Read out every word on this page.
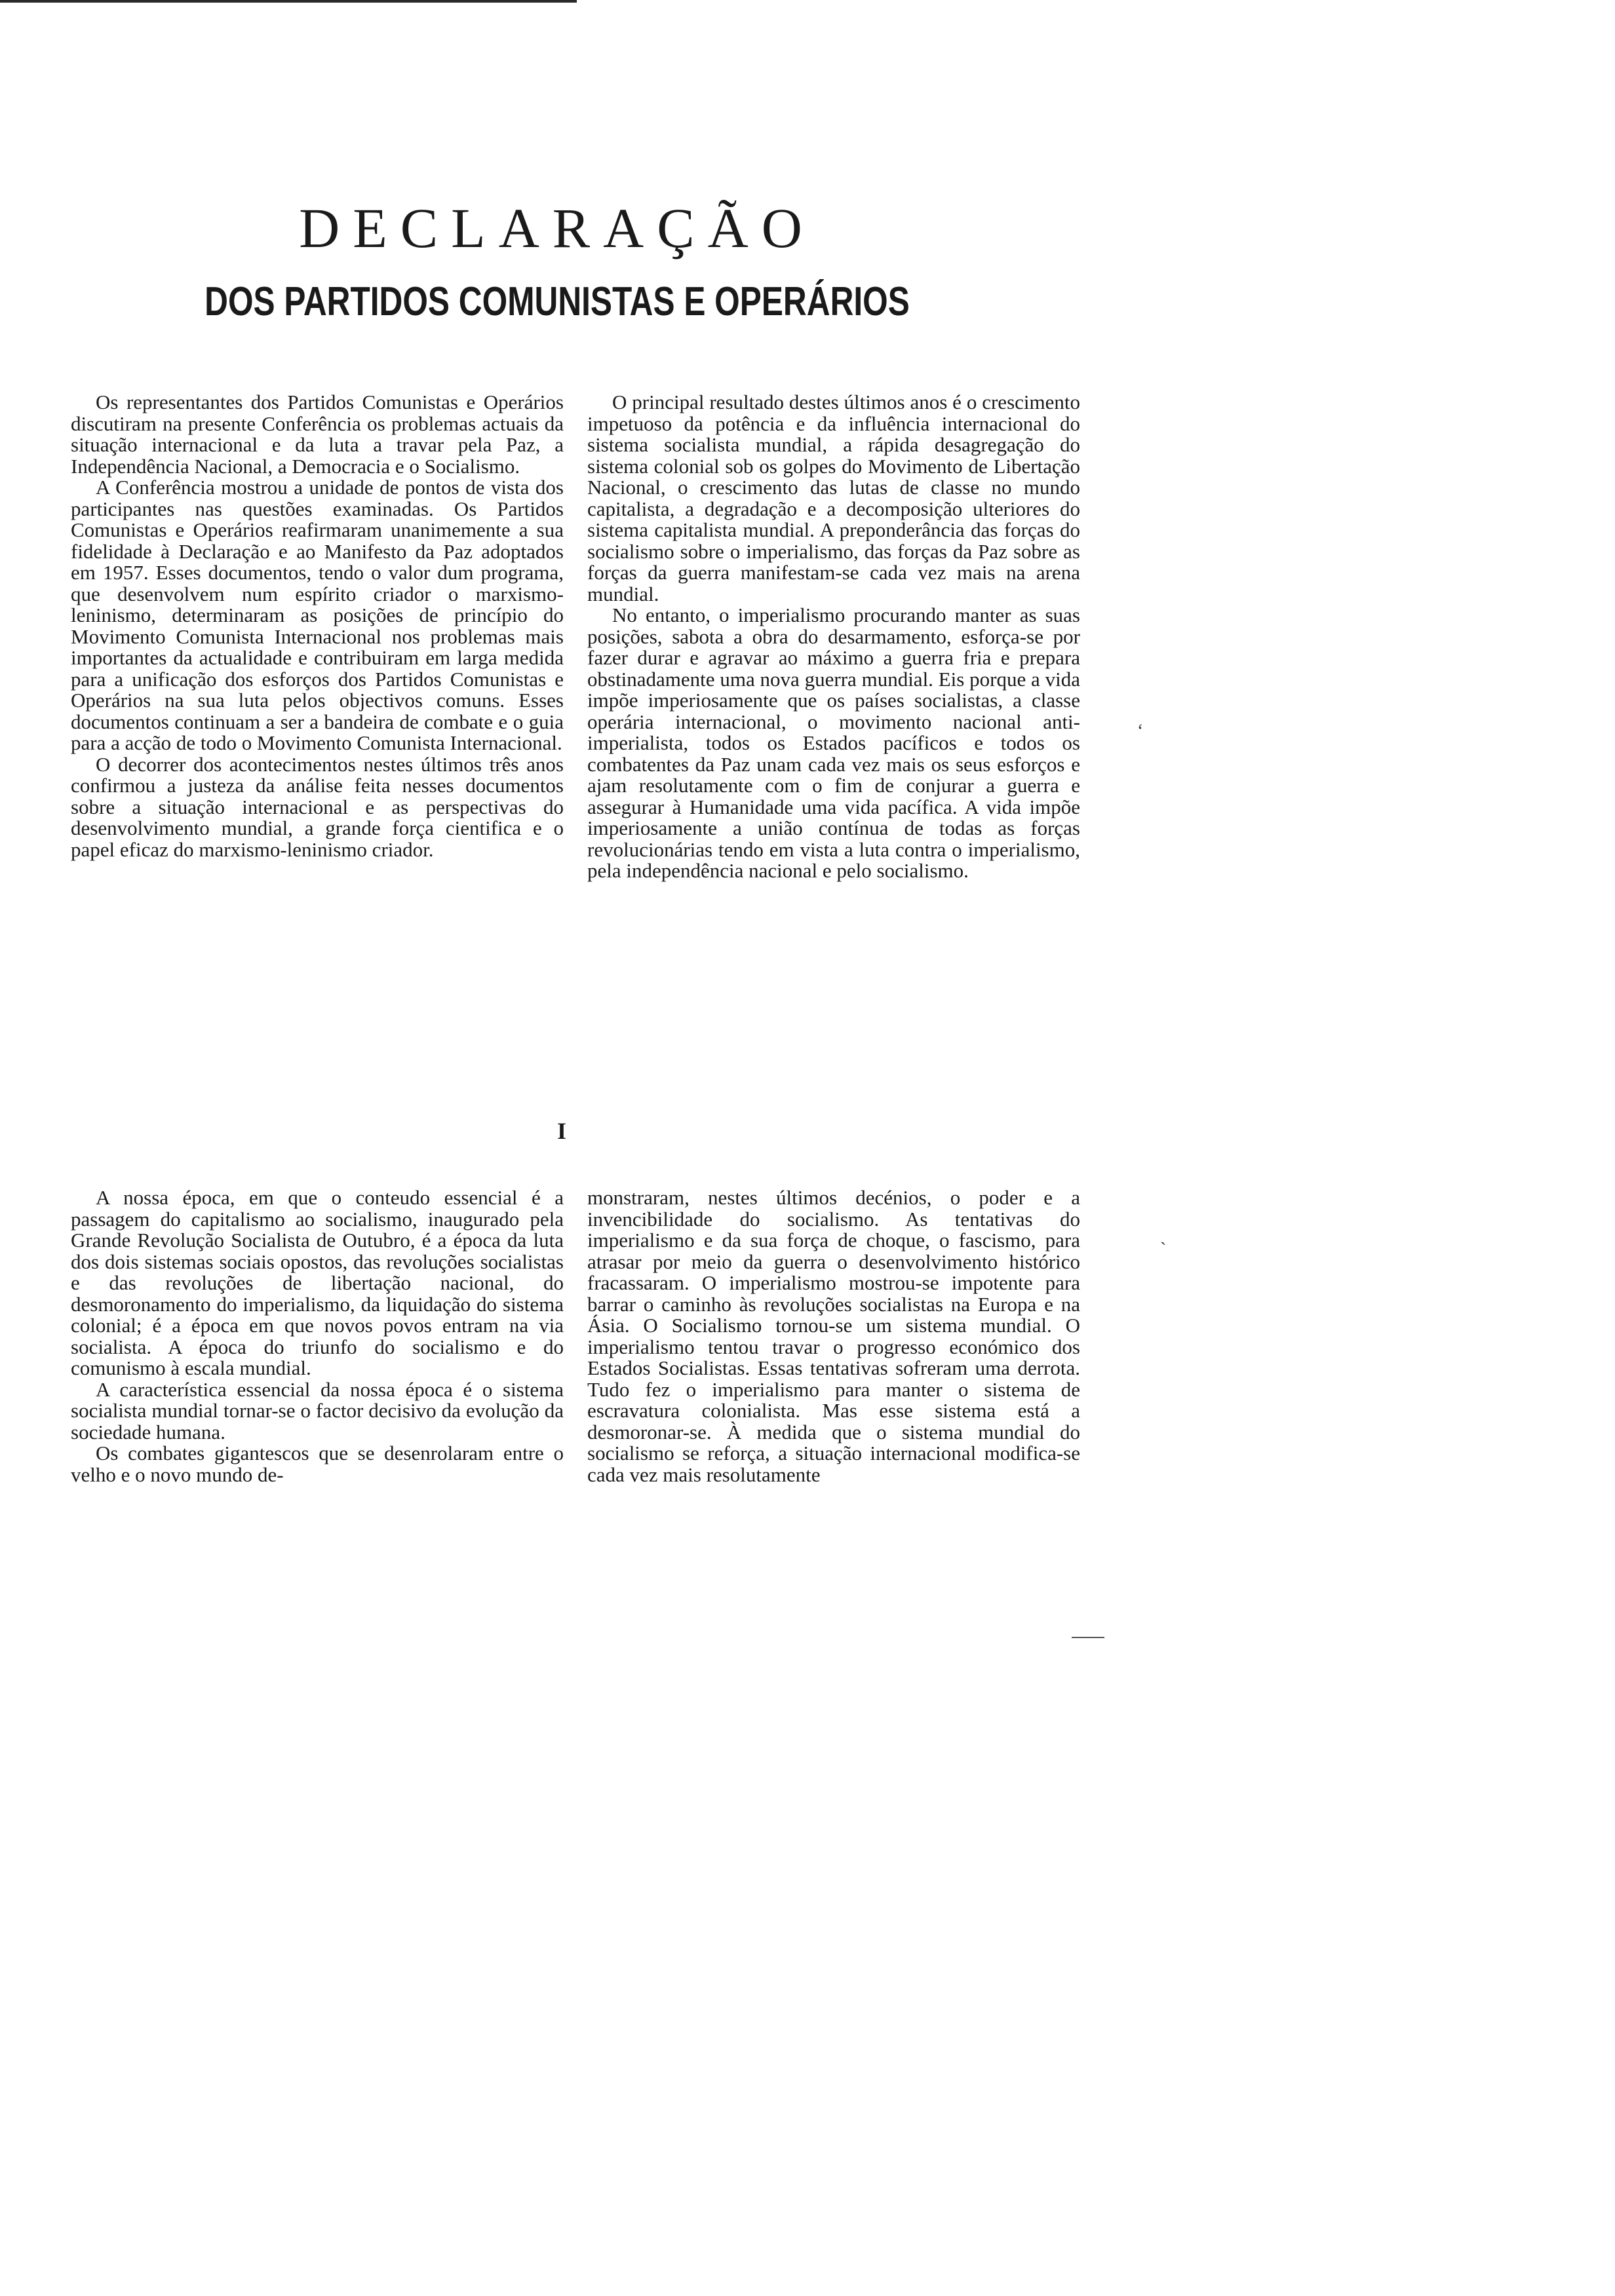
DECLARAÇÃO
DOS PARTIDOS COMUNISTAS E OPERÁRIOS

Os representantes dos Partidos Comunistas e Operários discutiram na presente Conferência os problemas actuais da situação internacional e da luta a travar pela Paz, a Independência Nacional, a Democracia e o Socialismo.

A Conferência mostrou a unidade de pontos de vista dos participantes nas questões examinadas. Os Partidos Comunistas e Operários reafirmaram unanimemente a sua fidelidade à Declaração e ao Manifesto da Paz adoptados em 1957. Esses documentos, tendo o valor dum programa, que desenvolvem num espírito criador o marxismo-leninismo, determinaram as posições de princípio do Movimento Comunista Internacional nos problemas mais importantes da actualidade e contribuiram em larga medida para a unificação dos esforços dos Partidos Comunistas e Operários na sua luta pelos objectivos comuns. Esses documentos continuam a ser a bandeira de combate e o guia para a acção de todo o Movimento Comunista Internacional.

O decorrer dos acontecimentos nestes últimos três anos confirmou a justeza da análise feita nesses documentos sobre a situação internacional e as perspectivas do desenvolvimento mundial, a grande força cientifica e o papel eficaz do marxismo-leninismo criador.

O principal resultado destes últimos anos é o crescimento impetuoso da potência e da influência internacional do sistema socialista mundial, a rápida desagregação do sistema colonial sob os golpes do Movimento de Libertação Nacional, o crescimento das lutas de classe no mundo capitalista, a degradação e a decomposição ulteriores do sistema capitalista mundial. A preponderância das forças do socialismo sobre o imperialismo, das forças da Paz sobre as forças da guerra manifestam-se cada vez mais na arena mundial.

No entanto, o imperialismo procurando manter as suas posições, sabota a obra do desarmamento, esforça-se por fazer durar e agravar ao máximo a guerra fria e prepara obstinadamente uma nova guerra mundial. Eis porque a vida impõe imperiosamente que os países socialistas, a classe operária internacional, o movimento nacional anti-imperialista, todos os Estados pacíficos e todos os combatentes da Paz unam cada vez mais os seus esforços e ajam resolutamente com o fim de conjurar a guerra e assegurar à Humanidade uma vida pacífica. A vida impõe imperiosamente a união contínua de todas as forças revolucionárias tendo em vista a luta contra o imperialismo, pela independência nacional e pelo socialismo.

I

A nossa época, em que o conteudo essencial é a passagem do capitalismo ao socialismo, inaugurado pela Grande Revolução Socialista de Outubro, é a época da luta dos dois sistemas sociais opostos, das revoluções socialistas e das revoluções de libertação nacional, do desmoronamento do imperialismo, da liquidação do sistema colonial; é a época em que novos povos entram na via socialista. A época do triunfo do socialismo e do comunismo à escala mundial.

A característica essencial da nossa época é o sistema socialista mundial tornar-se o factor decisivo da evolução da sociedade humana.

Os combates gigantescos que se desenrolaram entre o velho e o novo mundo de-

monstraram, nestes últimos decénios, o poder e a invencibilidade do socialismo. As tentativas do imperialismo e da sua força de choque, o fascismo, para atrasar por meio da guerra o desenvolvimento histórico fracassaram. O imperialismo mostrou-se impotente para barrar o caminho às revoluções socialistas na Europa e na Ásia. O Socialismo tornou-se um sistema mundial. O imperialismo tentou travar o progresso económico dos Estados Socialistas. Essas tentativas sofreram uma derrota. Tudo fez o imperialismo para manter o sistema de escravatura colonialista. Mas esse sistema está a desmoronar-se. À medida que o sistema mundial do socialismo se reforça, a situação internacional modifica-se cada vez mais resolutamente

ʻ
ˎ
